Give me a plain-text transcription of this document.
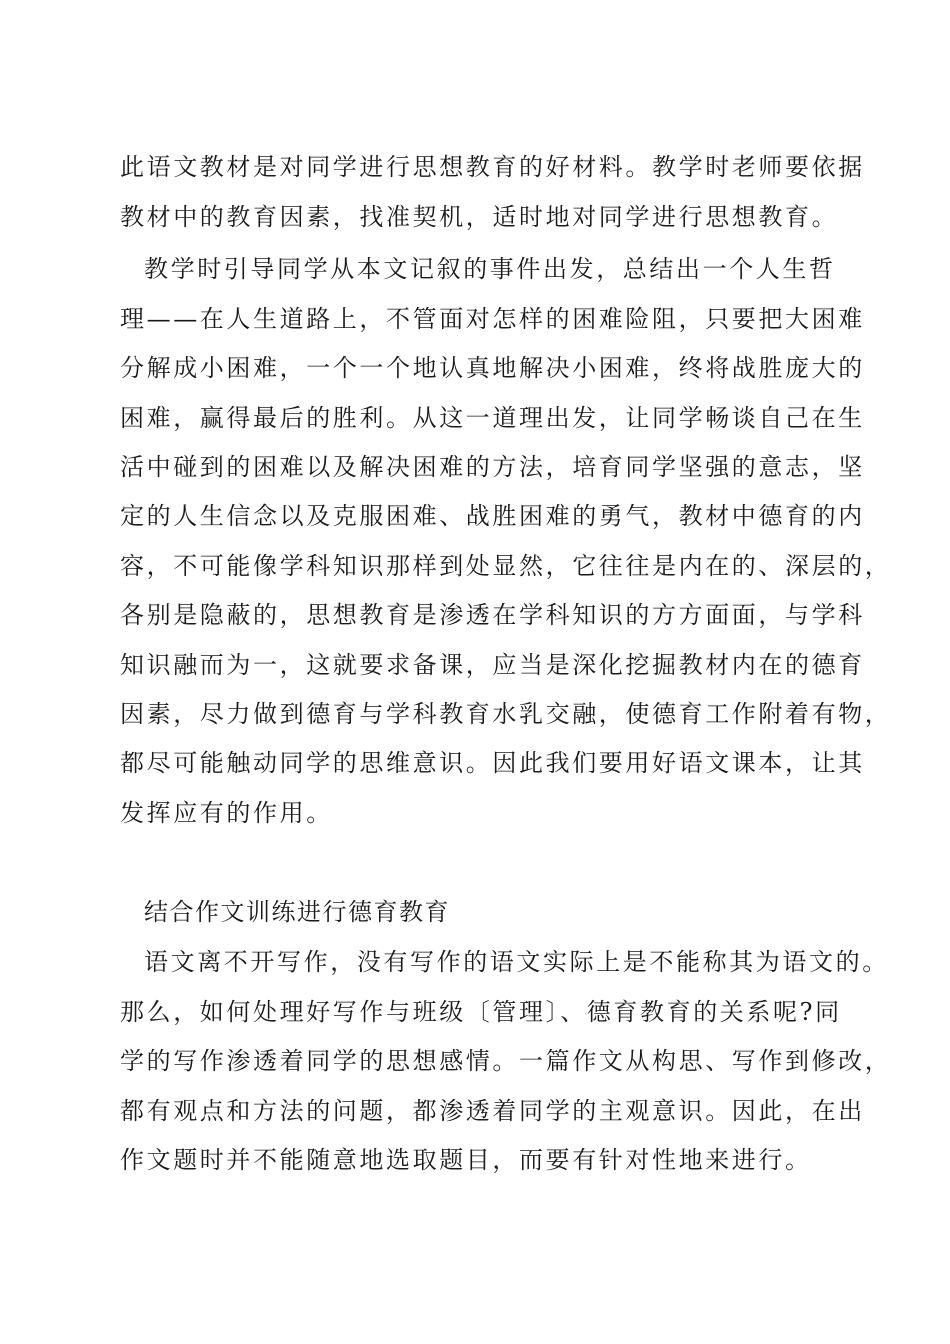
此语文教材是对同学进行思想教育的好材料。教学时老师要依据
教材中的教育因素，找准契机，适时地对同学进行思想教育。
教学时引导同学从本文记叙的事件出发，总结出一个人生哲
理——在人生道路上，不管面对怎样的困难险阻，只要把大困难
分解成小困难，一个一个地认真地解决小困难，终将战胜庞大的
困难，赢得最后的胜利。从这一道理出发，让同学畅谈自己在生
活中碰到的困难以及解决困难的方法，培育同学坚强的意志，坚
定的人生信念以及克服困难、战胜困难的勇气，教材中德育的内
容，不可能像学科知识那样到处显然，它往往是内在的、深层的，
各别是隐蔽的，思想教育是渗透在学科知识的方方面面，与学科
知识融而为一，这就要求备课，应当是深化挖掘教材内在的德育
因素，尽力做到德育与学科教育水乳交融，使德育工作附着有物，
都尽可能触动同学的思维意识。因此我们要用好语文课本，让其
发挥应有的作用。
结合作文训练进行德育教育
语文离不开写作，没有写作的语文实际上是不能称其为语文的。
那么，如何处理好写作与班级〔管理〕、德育教育的关系呢?同
学的写作渗透着同学的思想感情。一篇作文从构思、写作到修改，
都有观点和方法的问题，都渗透着同学的主观意识。因此，在出
作文题时并不能随意地选取题目，而要有针对性地来进行。
